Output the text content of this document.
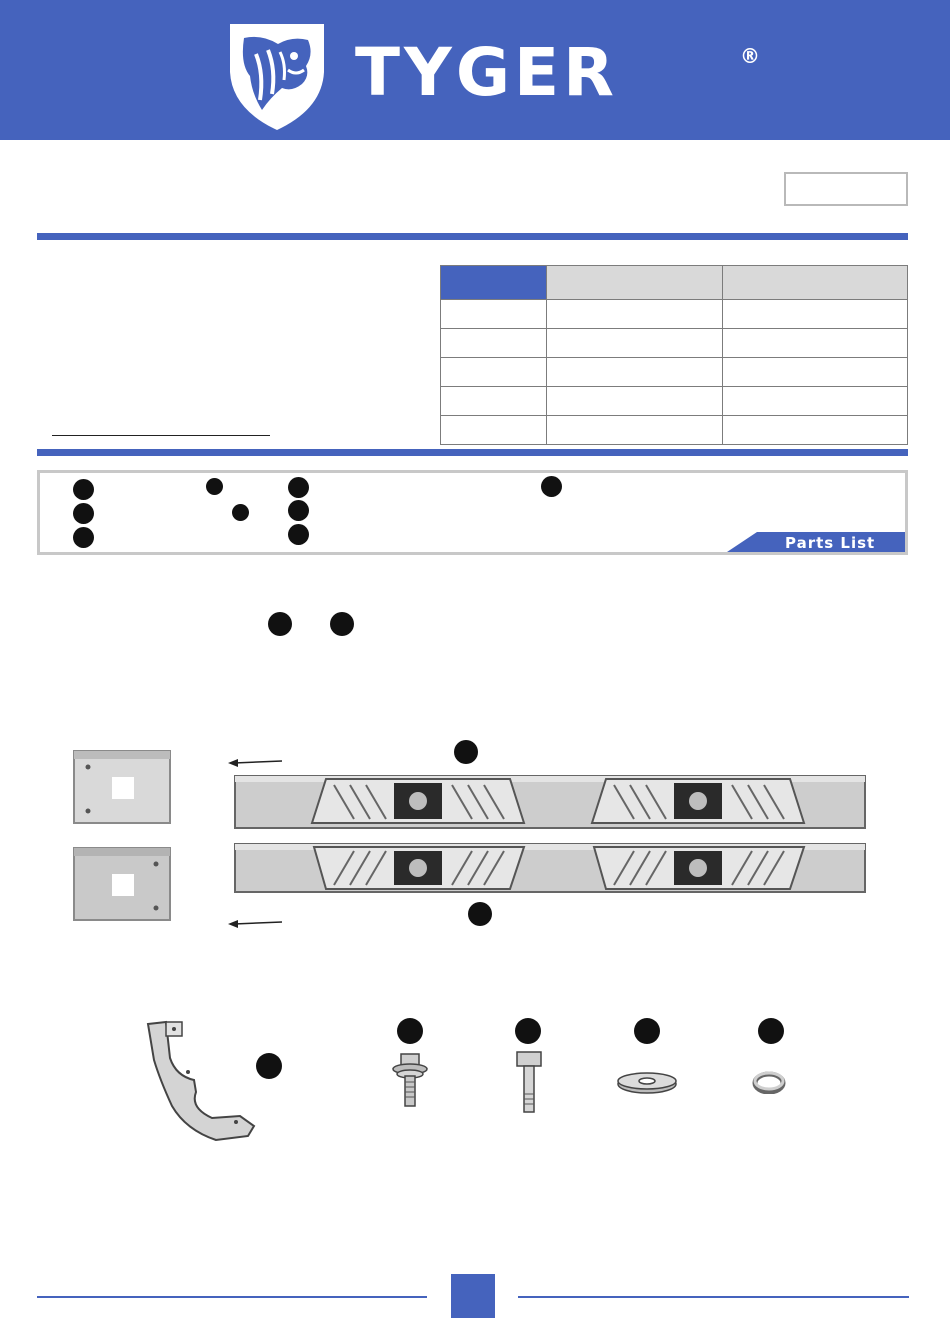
TYGER	®

Parts List
